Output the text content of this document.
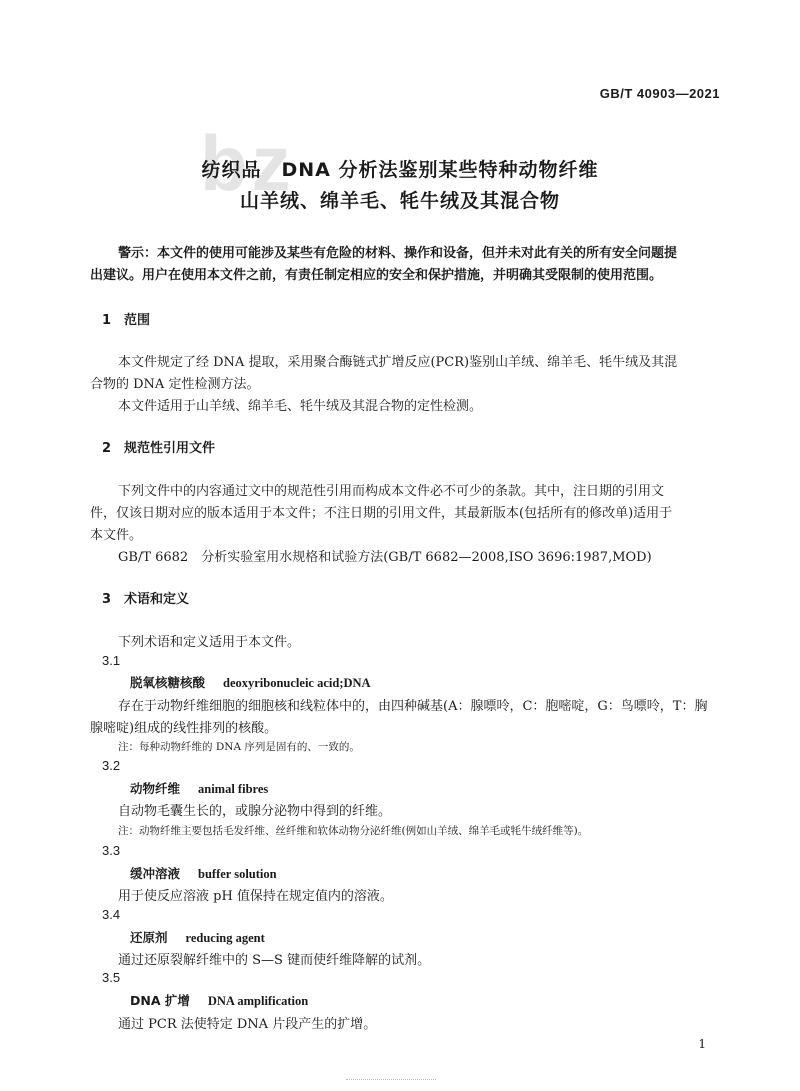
bz

GB/T 40903—2021

纺织品　DNA 分析法鉴别某些特种动物纤维

山羊绒、绵羊毛、牦牛绒及其混合物

警示：本文件的使用可能涉及某些有危险的材料、操作和设备，但并未对此有关的所有安全问题提

出建议。用户在使用本文件之前，有责任制定相应的安全和保护措施，并明确其受限制的使用范围。

1　范围

本文件规定了经 DNA 提取，采用聚合酶链式扩增反应(PCR)鉴别山羊绒、绵羊毛、牦牛绒及其混

合物的 DNA 定性检测方法。

本文件适用于山羊绒、绵羊毛、牦牛绒及其混合物的定性检测。

2　规范性引用文件

下列文件中的内容通过文中的规范性引用而构成本文件必不可少的条款。其中，注日期的引用文

件，仅该日期对应的版本适用于本文件；不注日期的引用文件，其最新版本(包括所有的修改单)适用于

本文件。

GB/T 6682　分析实验室用水规格和试验方法(GB/T 6682—2008,ISO 3696:1987,MOD)

3　术语和定义

下列术语和定义适用于本文件。

3.1

脱氧核糖核酸 deoxyribonucleic acid;DNA

存在于动物纤维细胞的细胞核和线粒体中的，由四种碱基(A：腺嘌呤，C：胞嘧啶，G：鸟嘌呤，T：胸

腺嘧啶)组成的线性排列的核酸。

注：每种动物纤维的 DNA 序列是固有的、一致的。

3.2

动物纤维 animal fibres

自动物毛囊生长的，或腺分泌物中得到的纤维。

注：动物纤维主要包括毛发纤维、丝纤维和软体动物分泌纤维(例如山羊绒、绵羊毛或牦牛绒纤维等)。

3.3

缓冲溶液 buffer solution

用于使反应溶液 pH 值保持在规定值内的溶液。

3.4

还原剂 reducing agent

通过还原裂解纤维中的 S—S 键而使纤维降解的试剂。

3.5

DNA 扩增 DNA amplification

通过 PCR 法使特定 DNA 片段产生的扩增。

1
